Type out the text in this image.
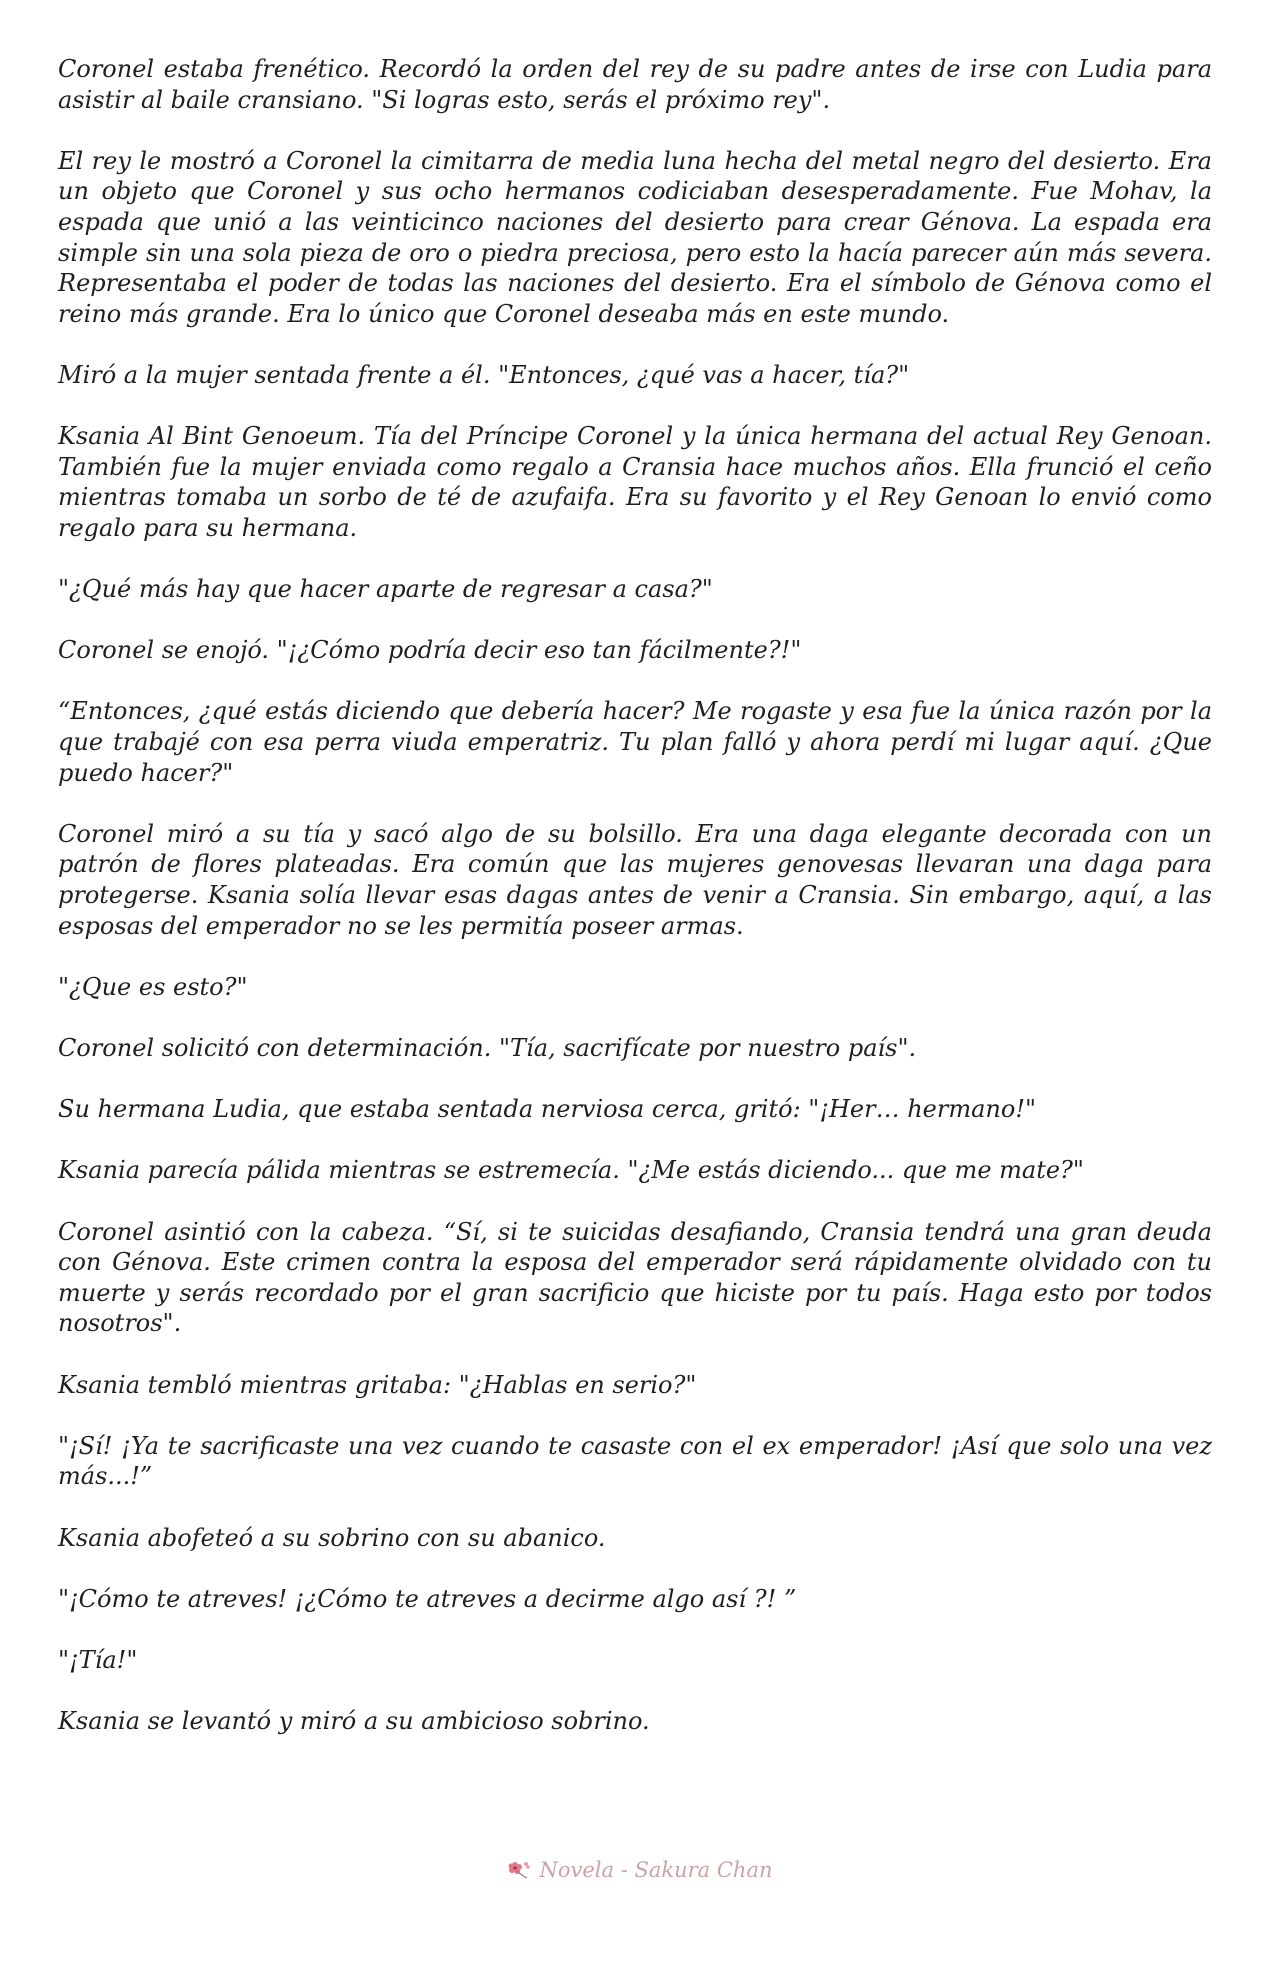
Coronel estaba frenético. Recordó la orden del rey de su padre antes de irse con Ludia para asistir al baile cransiano. "Si logras esto, serás el próximo rey".

El rey le mostró a Coronel la cimitarra de media luna hecha del metal negro del desierto. Era un objeto que Coronel y sus ocho hermanos codiciaban desesperadamente. Fue Mohav, la espada que unió a las veinticinco naciones del desierto para crear Génova. La espada era simple sin una sola pieza de oro o piedra preciosa, pero esto la hacía parecer aún más severa. Representaba el poder de todas las naciones del desierto. Era el símbolo de Génova como el reino más grande. Era lo único que Coronel deseaba más en este mundo.

Miró a la mujer sentada frente a él. "Entonces, ¿qué vas a hacer, tía?"

Ksania Al Bint Genoeum. Tía del Príncipe Coronel y la única hermana del actual Rey Genoan. También fue la mujer enviada como regalo a Cransia hace muchos años. Ella frunció el ceño mientras tomaba un sorbo de té de azufaifa. Era su favorito y el Rey Genoan lo envió como regalo para su hermana.

"¿Qué más hay que hacer aparte de regresar a casa?"

Coronel se enojó. "¡¿Cómo podría decir eso tan fácilmente?!"

“Entonces, ¿qué estás diciendo que debería hacer? Me rogaste y esa fue la única razón por la que trabajé con esa perra viuda emperatriz. Tu plan falló y ahora perdí mi lugar aquí. ¿Que puedo hacer?"

Coronel miró a su tía y sacó algo de su bolsillo. Era una daga elegante decorada con un patrón de flores plateadas. Era común que las mujeres genovesas llevaran una daga para protegerse. Ksania solía llevar esas dagas antes de venir a Cransia. Sin embargo, aquí, a las esposas del emperador no se les permitía poseer armas.

"¿Que es esto?"

Coronel solicitó con determinación. "Tía, sacrifícate por nuestro país".

Su hermana Ludia, que estaba sentada nerviosa cerca, gritó: "¡Her… hermano!"

Ksania parecía pálida mientras se estremecía. "¿Me estás diciendo... que me mate?"

Coronel asintió con la cabeza. “Sí, si te suicidas desafiando, Cransia tendrá una gran deuda con Génova. Este crimen contra la esposa del emperador será rápidamente olvidado con tu muerte y serás recordado por el gran sacrificio que hiciste por tu país. Haga esto por todos nosotros".

Ksania tembló mientras gritaba: "¿Hablas en serio?"

"¡Sí! ¡Ya te sacrificaste una vez cuando te casaste con el ex emperador! ¡Así que solo una vez más...!”

Ksania abofeteó a su sobrino con su abanico.

"¡Cómo te atreves! ¡¿Cómo te atreves a decirme algo así ?! ”

"¡Tía!"

Ksania se levantó y miró a su ambicioso sobrino.

Novela - Sakura Chan
